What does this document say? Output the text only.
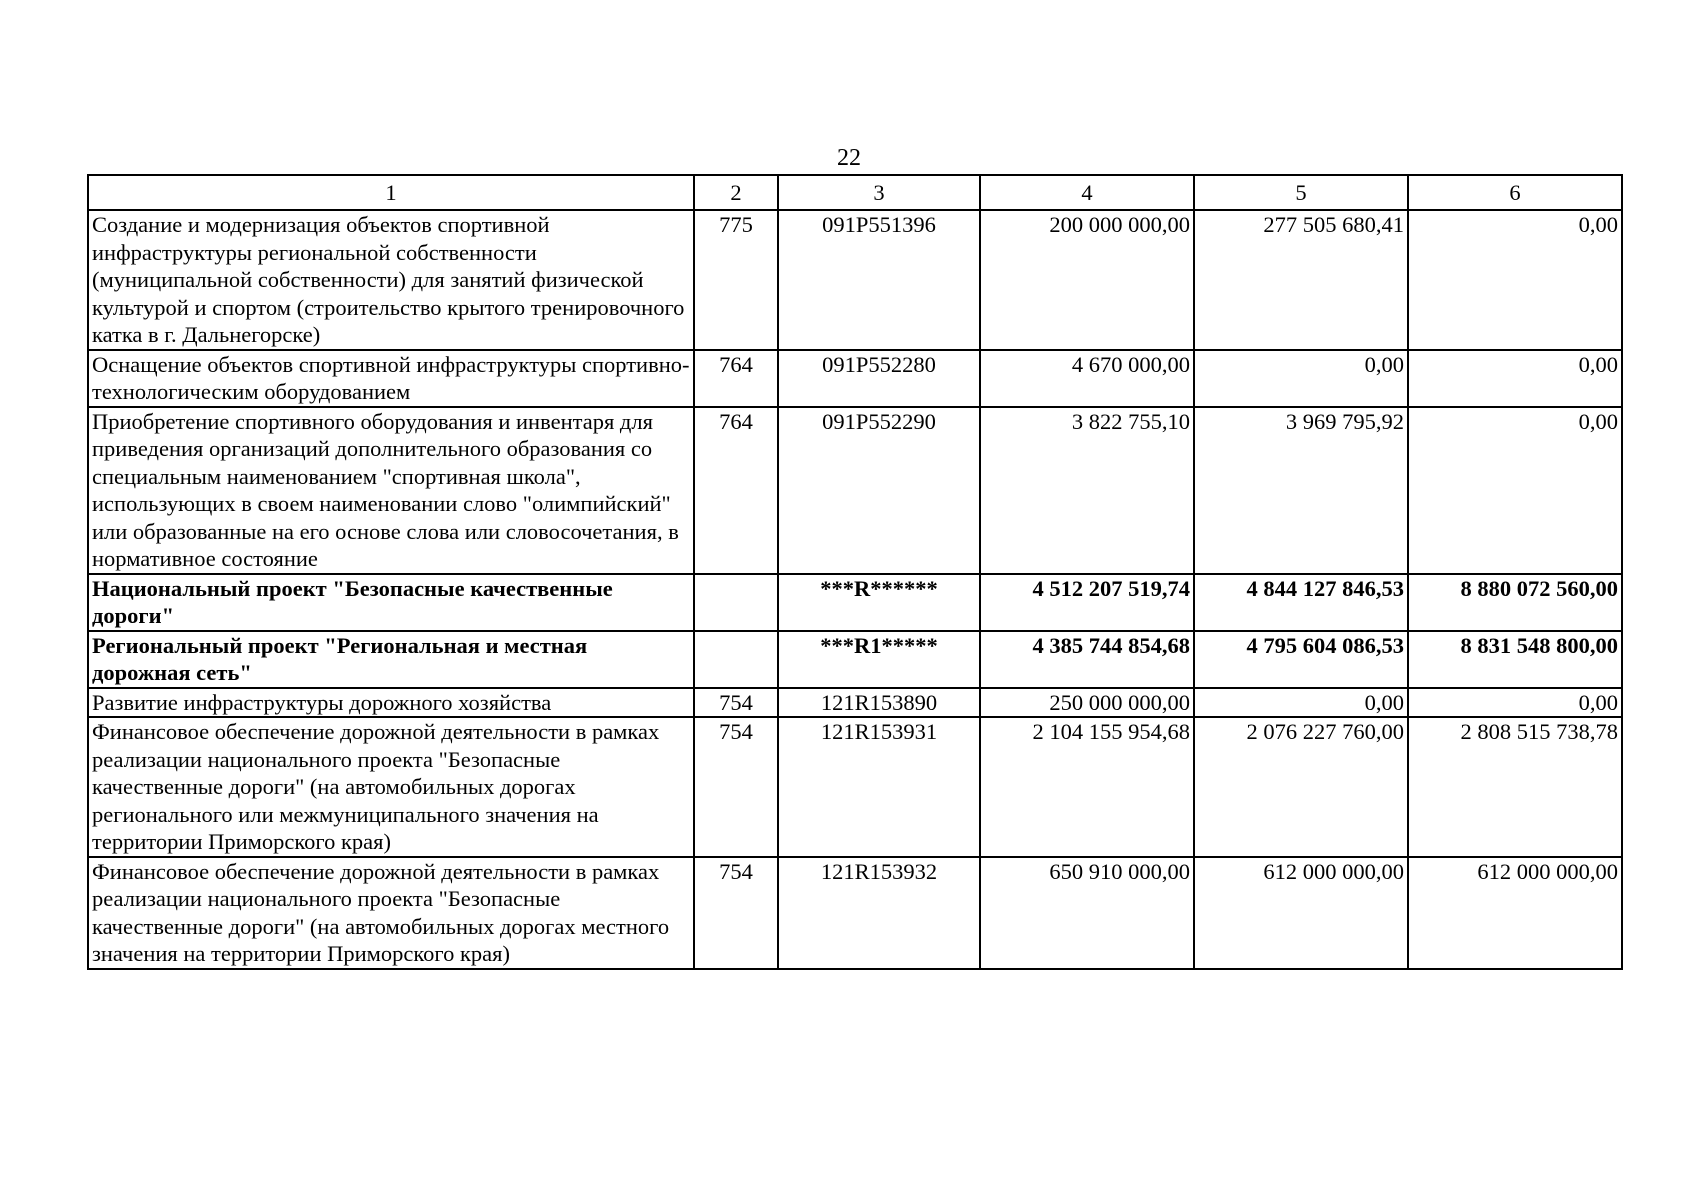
22
1	2	3	4	5	6
Создание и модернизация объектов спортивной инфраструктуры региональной собственности (муниципальной собственности) для занятий физической культурой и спортом (строительство крытого тренировочного катка в г. Дальнегорске)	775	091P551396	200 000 000,00	277 505 680,41	0,00
Оснащение объектов спортивной инфраструктуры спортивно-технологическим оборудованием	764	091P552280	4 670 000,00	0,00	0,00
Приобретение спортивного оборудования и инвентаря для приведения организаций дополнительного образования со специальным наименованием "спортивная школа", использующих в своем наименовании слово "олимпийский" или образованные на его основе слова или словосочетания, в нормативное состояние	764	091P552290	3 822 755,10	3 969 795,92	0,00
Национальный проект "Безопасные качественные дороги"		***R******	4 512 207 519,74	4 844 127 846,53	8 880 072 560,00
Региональный проект "Региональная и местная дорожная сеть"		***R1*****	4 385 744 854,68	4 795 604 086,53	8 831 548 800,00
Развитие инфраструктуры дорожного хозяйства	754	121R153890	250 000 000,00	0,00	0,00
Финансовое обеспечение дорожной деятельности в рамках реализации национального проекта "Безопасные качественные дороги" (на автомобильных дорогах регионального или межмуниципального значения на территории Приморского края)	754	121R153931	2 104 155 954,68	2 076 227 760,00	2 808 515 738,78
Финансовое обеспечение дорожной деятельности в рамках реализации национального проекта "Безопасные качественные дороги" (на автомобильных дорогах местного значения на территории Приморского края)	754	121R153932	650 910 000,00	612 000 000,00	612 000 000,00
